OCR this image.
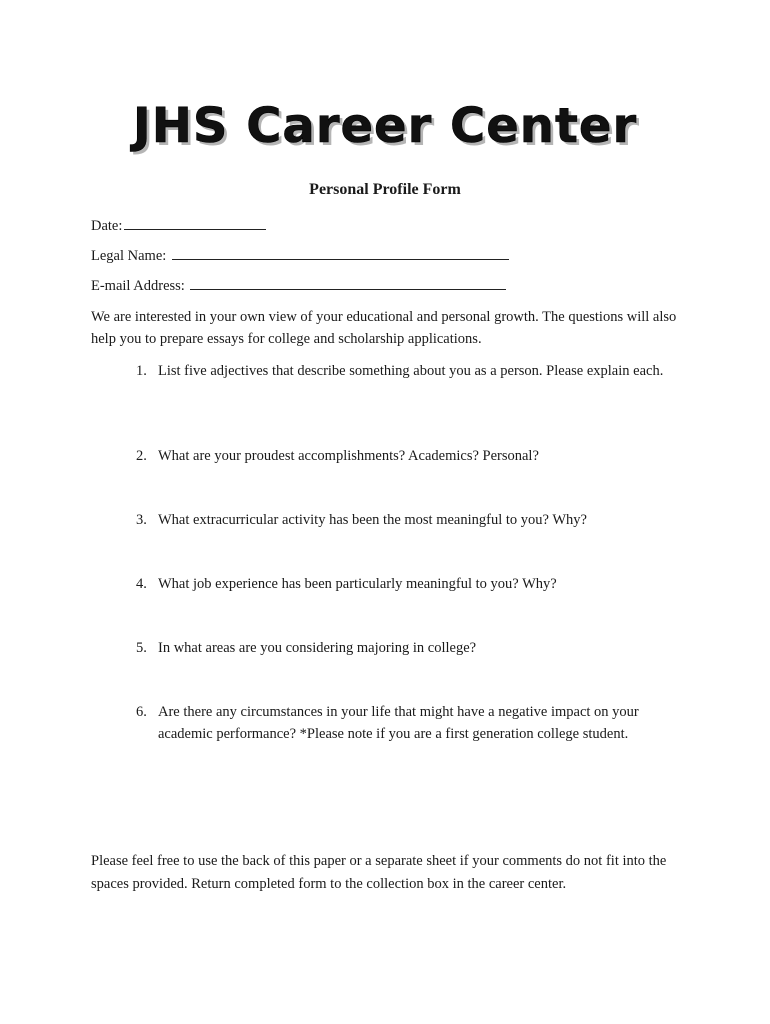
JHS Career Center
Personal Profile Form
Date:
Legal Name:
E-mail Address:
We are interested in your own view of your educational and personal growth. The questions will also help you to prepare essays for college and scholarship applications.
1. List five adjectives that describe something about you as a person. Please explain each.
2. What are your proudest accomplishments? Academics? Personal?
3. What extracurricular activity has been the most meaningful to you? Why?
4. What job experience has been particularly meaningful to you? Why?
5. In what areas are you considering majoring in college?
6. Are there any circumstances in your life that might have a negative impact on your academic performance? *Please note if you are a first generation college student.
Please feel free to use the back of this paper or a separate sheet if your comments do not fit into the spaces provided. Return completed form to the collection box in the career center.
